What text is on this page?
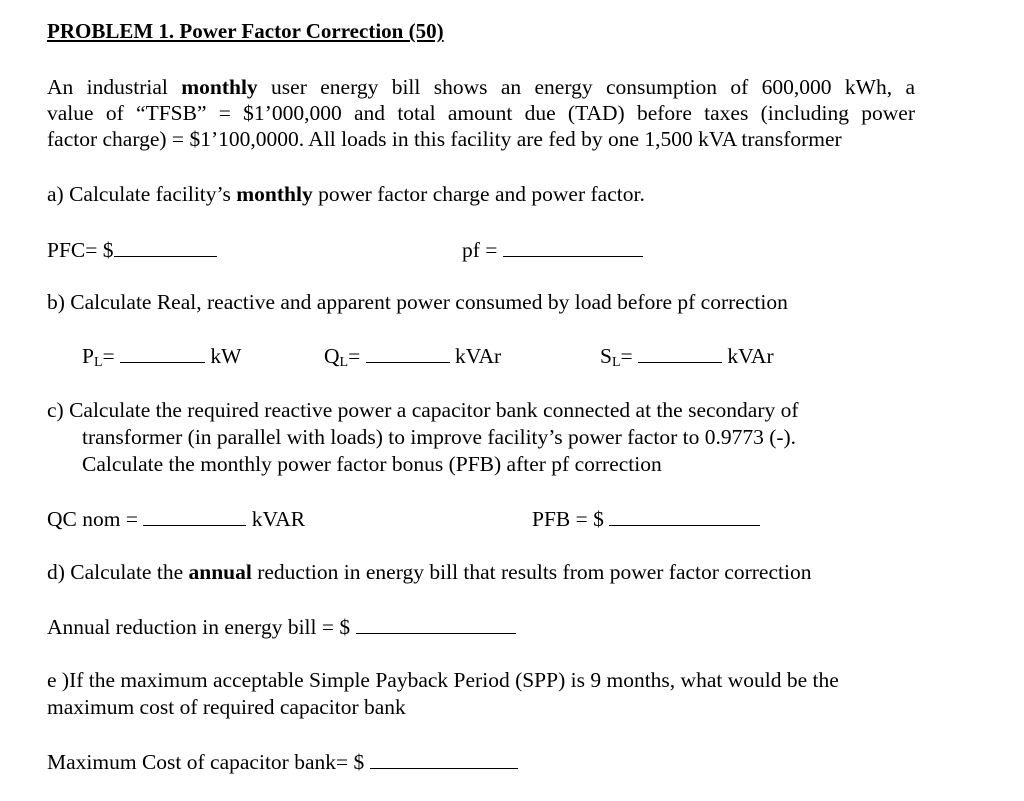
PROBLEM 1. Power Factor Correction (50)
An industrial monthly user energy bill shows an energy consumption of 600,000 kWh, a
value of “TFSB” = $1’000,000 and total amount due (TAD) before taxes (including power
factor charge) = $1’100,0000. All loads in this facility are fed by one 1,500 kVA transformer
a) Calculate facility’s monthly power factor charge and power factor.
PFC= $	pf =
b) Calculate Real, reactive and apparent power consumed by load before pf correction
$P_L=$	kW	$Q_L=$	kVAr	$S_L=$	kVAr
c) Calculate the required reactive power a capacitor bank connected at the secondary of
transformer (in parallel with loads) to improve facility’s power factor to 0.9773 (-).
Calculate the monthly power factor bonus (PFB) after pf correction
QC nom =	kVAR	PFB = $
d) Calculate the annual reduction in energy bill that results from power factor correction
Annual reduction in energy bill = $
e )If the maximum acceptable Simple Payback Period (SPP) is 9 months, what would be the
maximum cost of required capacitor bank
Maximum Cost of capacitor bank= $
